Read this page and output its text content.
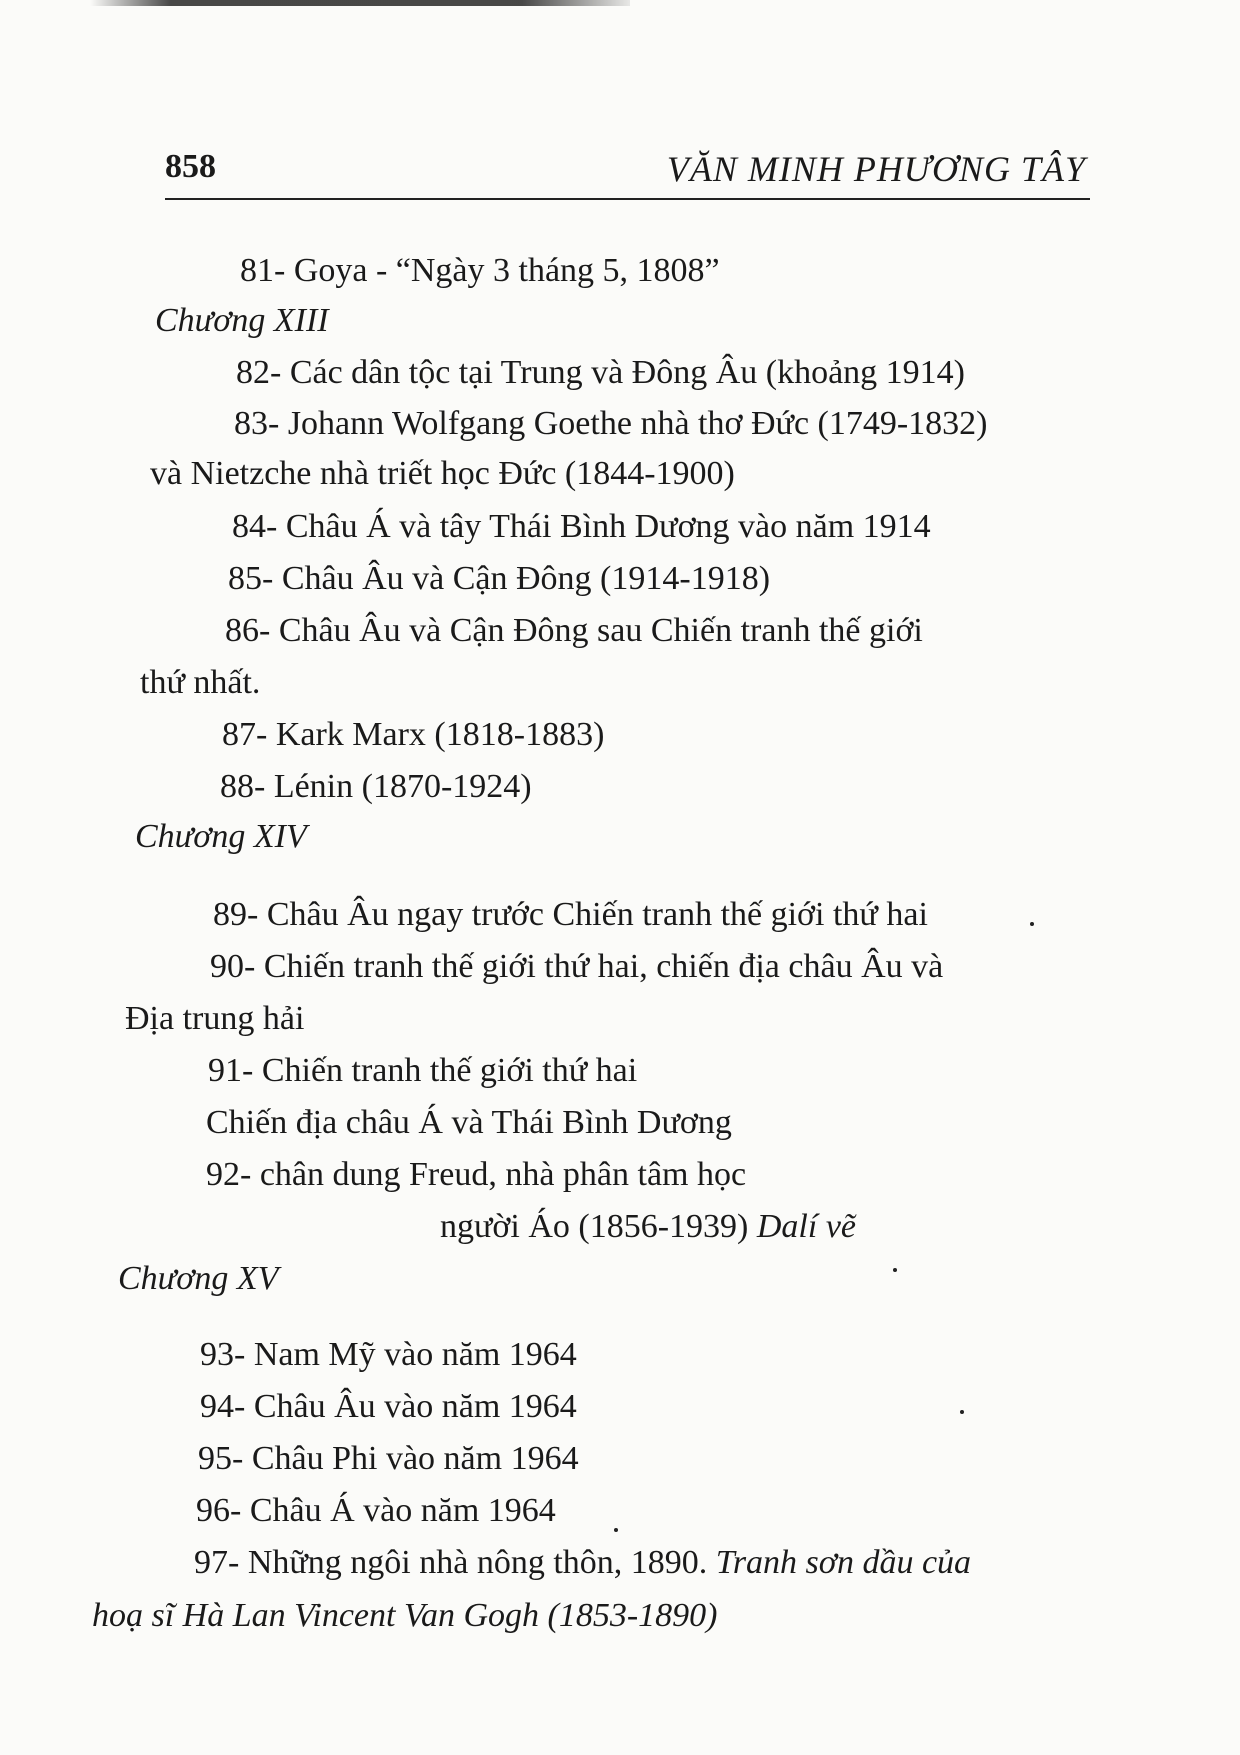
858	VĂN MINH PHƯƠNG TÂY
81- Goya - “Ngày 3 tháng 5, 1808”
Chương XIII
82- Các dân tộc tại Trung và Đông Âu (khoảng 1914)
83- Johann Wolfgang Goethe nhà thơ Đức (1749-1832)
và Nietzche nhà triết học Đức (1844-1900)
84- Châu Á và tây Thái Bình Dương vào năm 1914
85- Châu Âu và Cận Đông (1914-1918)
86- Châu Âu và Cận Đông sau Chiến tranh thế giới
thứ nhất.
87- Kark Marx (1818-1883)
88- Lénin (1870-1924)
Chương XIV
89- Châu Âu ngay trước Chiến tranh thế giới thứ hai
90- Chiến tranh thế giới thứ hai, chiến địa châu Âu và
Địa trung hải
91- Chiến tranh thế giới thứ hai
Chiến địa châu Á và Thái Bình Dương
92- chân dung Freud, nhà phân tâm học
người Áo (1856-1939) Dalí vẽ
Chương XV
93- Nam Mỹ vào năm 1964
94- Châu Âu vào năm 1964
95- Châu Phi vào năm 1964
96- Châu Á vào năm 1964
97- Những ngôi nhà nông thôn, 1890. Tranh sơn dầu của
hoạ sĩ Hà Lan Vincent Van Gogh (1853-1890)
